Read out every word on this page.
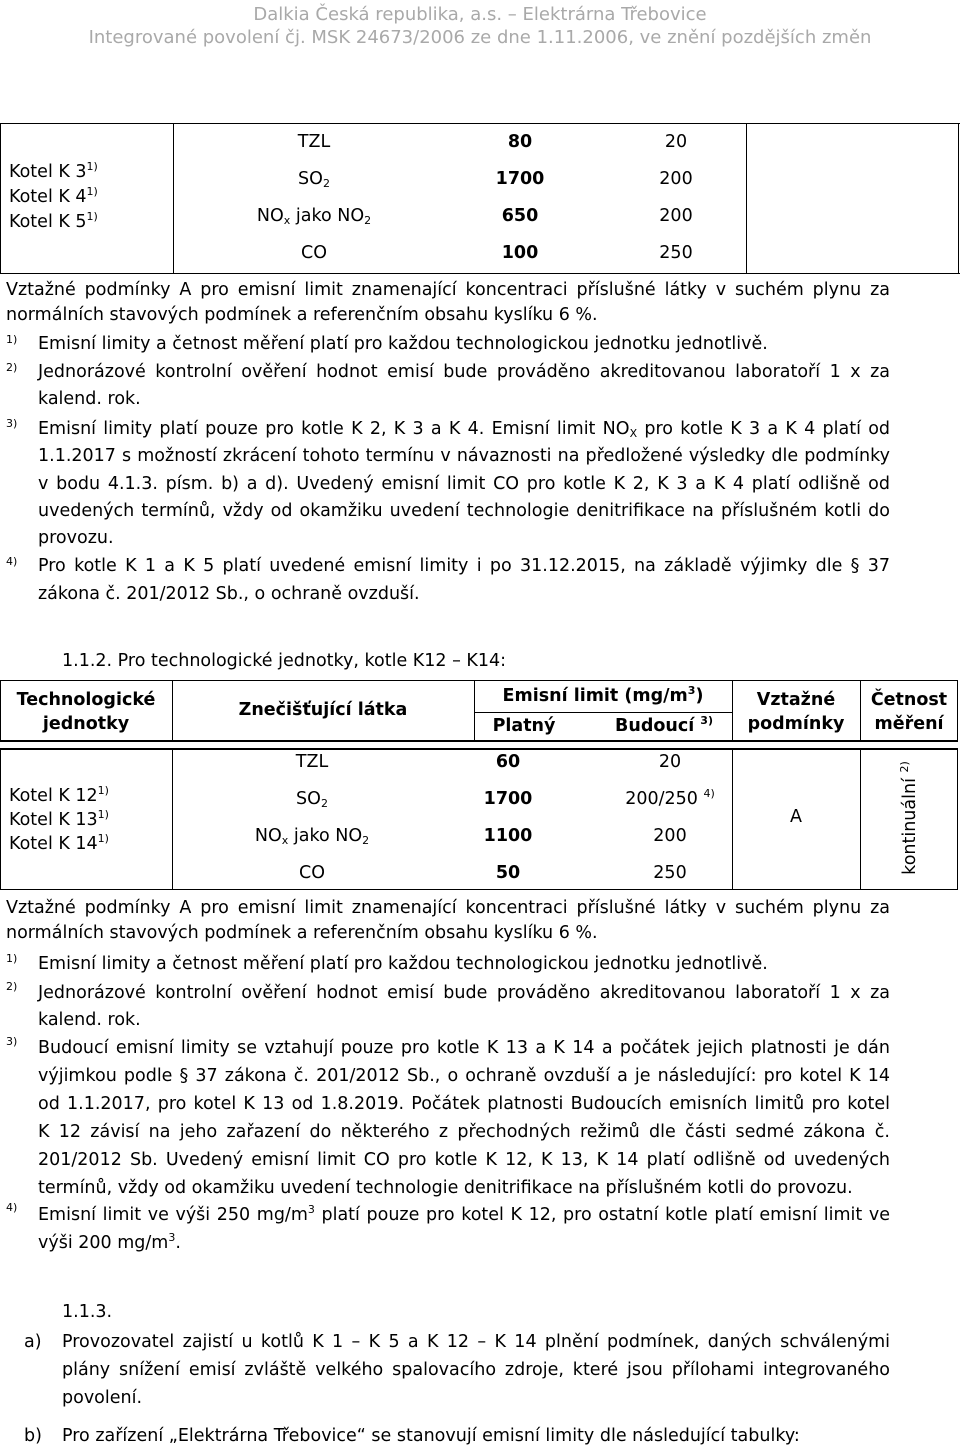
Dalkia Česká republika, a.s. – Elektrárna Třebovice
Integrované povolení čj. MSK 24673/2006 ze dne 1.11.2006, ve znění pozdějších změn
Kotel K 3$^{1)}$
Kotel K 4$^{1)}$
Kotel K 5$^{1)}$
TZL	80	20
$SO_2$	1700	200
$NO_x$ jako $NO_2$	650	200
CO	100	250
Vztažné podmínky A pro emisní limit znamenající koncentraci příslušné látky v suchém plynu za
normálních stavových podmínek a referenčním obsahu kyslíku 6 %.
1) Emisní limity a četnost měření platí pro každou technologickou jednotku jednotlivě.
2) Jednorázové kontrolní ověření hodnot emisí bude prováděno akreditovanou laboratoří 1 x za
kalend. rok.
3) Emisní limity platí pouze pro kotle K 2, K 3 a K 4. Emisní limit $NO_X$ pro kotle K 3 a K 4 platí od
1.1.2017 s možností zkrácení tohoto termínu v návaznosti na předložené výsledky dle podmínky
v bodu 4.1.3. písm. b) a d). Uvedený emisní limit CO pro kotle K 2, K 3 a K 4 platí odlišně od
uvedených termínů, vždy od okamžiku uvedení technologie denitrifikace na příslušném kotli do
provozu.
4) Pro kotle K 1 a K 5 platí uvedené emisní limity i po 31.12.2015, na základě výjimky dle § 37
zákona č. 201/2012 Sb., o ochraně ovzduší.
1.1.2. Pro technologické jednotky, kotle K12 – K14:
Technologické
jednotky
Znečišťující látka
Emisní limit $(mg/m^3)$
Platný	Budoucí $^{3)}$
Vztažné
podmínky
Četnost
měření
Kotel K 12$^{1)}$
Kotel K 13$^{1)}$
Kotel K 14$^{1)}$
TZL	60	20
$SO_2$	1700	200/250 $^{4)}$
$NO_x$ jako $NO_2$	1100	200
CO	50	250
A	kontinuální $^{2)}$
Vztažné podmínky A pro emisní limit znamenající koncentraci příslušné látky v suchém plynu za
normálních stavových podmínek a referenčním obsahu kyslíku 6 %.
1) Emisní limity a četnost měření platí pro každou technologickou jednotku jednotlivě.
2) Jednorázové kontrolní ověření hodnot emisí bude prováděno akreditovanou laboratoří 1 x za
kalend. rok.
3) Budoucí emisní limity se vztahují pouze pro kotle K 13 a K 14 a počátek jejich platnosti je dán
výjimkou podle § 37 zákona č. 201/2012 Sb., o ochraně ovzduší a je následující: pro kotel K 14
od 1.1.2017, pro kotel K 13 od 1.8.2019. Počátek platnosti Budoucích emisních limitů pro kotel
K 12 závisí na jeho zařazení do některého z přechodných režimů dle části sedmé zákona č.
201/2012 Sb. Uvedený emisní limit CO pro kotle K 12, K 13, K 14 platí odlišně od uvedených
termínů, vždy od okamžiku uvedení technologie denitrifikace na příslušném kotli do provozu.
4) Emisní limit ve výši 250 $mg/m^3$ platí pouze pro kotel K 12, pro ostatní kotle platí emisní limit ve
výši 200 $mg/m^3$.
1.1.3.
a) Provozovatel zajistí u kotlů K 1 – K 5 a K 12 – K 14 plnění podmínek, daných schválenými
plány snížení emisí zvláště velkého spalovacího zdroje, které jsou přílohami integrovaného
povolení.
b) Pro zařízení „Elektrárna Třebovice“ se stanovují emisní limity dle následující tabulky:
